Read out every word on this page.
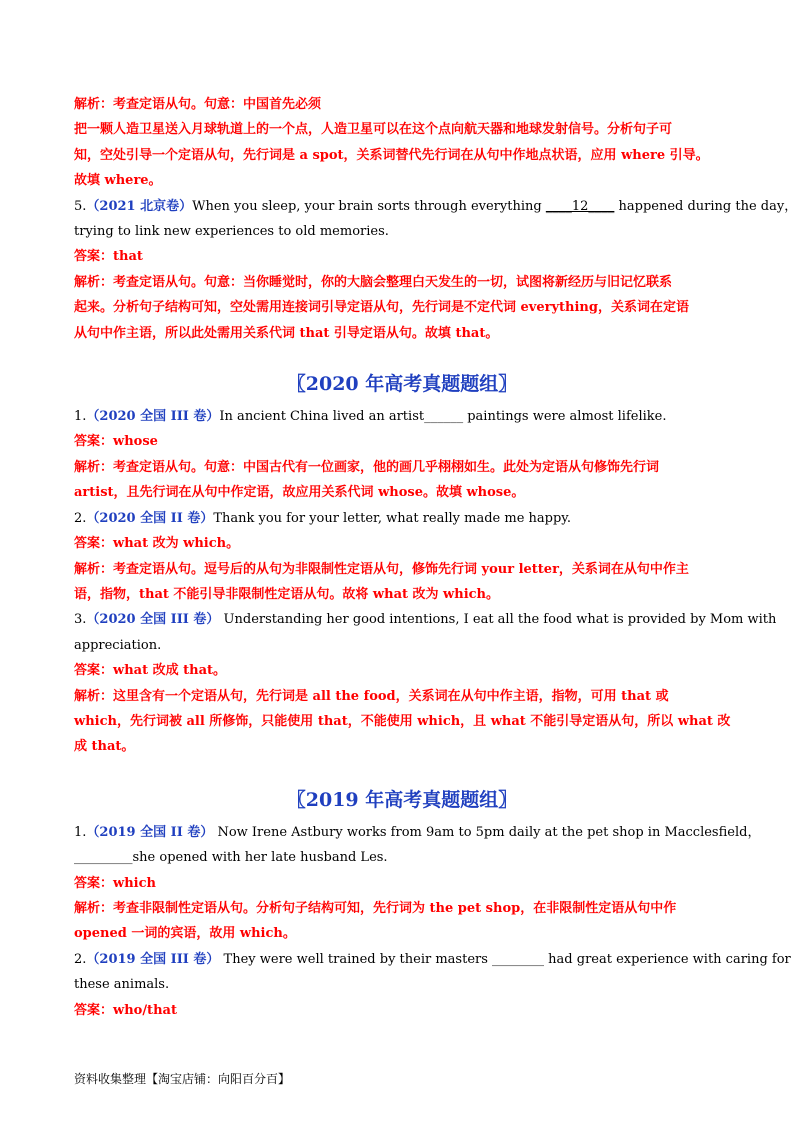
解析：考查定语从句。句意：中国首先必须
把一颗人造卫星送入月球轨道上的一个点，人造卫星可以在这个点向航天器和地球发射信号。分析句子可
知，空处引导一个定语从句，先行词是 a spot，关系词替代先行词在从句中作地点状语，应用 where 引导。
故填 where。
5.（2021 北京卷）When you sleep, your brain sorts through everything ____12____ happened during the day，
trying to link new experiences to old memories.
答案：that
解析：考查定语从句。句意：当你睡觉时，你的大脑会整理白天发生的一切，试图将新经历与旧记忆联系
起来。分析句子结构可知，空处需用连接词引导定语从句，先行词是不定代词 everything，关系词在定语
从句中作主语，所以此处需用关系代词 that 引导定语从句。故填 that。
〖2020 年高考真题题组〗
1.（2020 全国 III 卷）In ancient China lived an artist______ paintings were almost lifelike.
答案：whose
解析：考查定语从句。句意：中国古代有一位画家，他的画几乎栩栩如生。此处为定语从句修饰先行词
artist，且先行词在从句中作定语，故应用关系代词 whose。故填 whose。
2.（2020 全国 II 卷）Thank you for your letter, what really made me happy.
答案：what 改为 which。
解析：考查定语从句。逗号后的从句为非限制性定语从句，修饰先行词 your letter，关系词在从句中作主
语，指物，that 不能引导非限制性定语从句。故将 what 改为 which。
3.（2020 全国 III 卷） Understanding her good intentions, I eat all the food what is provided by Mom with
appreciation.
答案：what 改成 that。
解析：这里含有一个定语从句，先行词是 all the food，关系词在从句中作主语，指物，可用 that 或
which，先行词被 all 所修饰，只能使用 that，不能使用 which，且 what 不能引导定语从句，所以 what 改
成 that。
〖2019 年高考真题题组〗
1.（2019 全国 II 卷） Now Irene Astbury works from 9am to 5pm daily at the pet shop in Macclesfield，
_________she opened with her late husband Les.
答案：which
解析：考查非限制性定语从句。分析句子结构可知，先行词为 the pet shop，在非限制性定语从句中作
opened 一词的宾语，故用 which。
2.（2019 全国 III 卷） They were well trained by their masters ________ had great experience with caring for
these animals.
答案：who/that
资料收集整理【淘宝店铺：向阳百分百】
